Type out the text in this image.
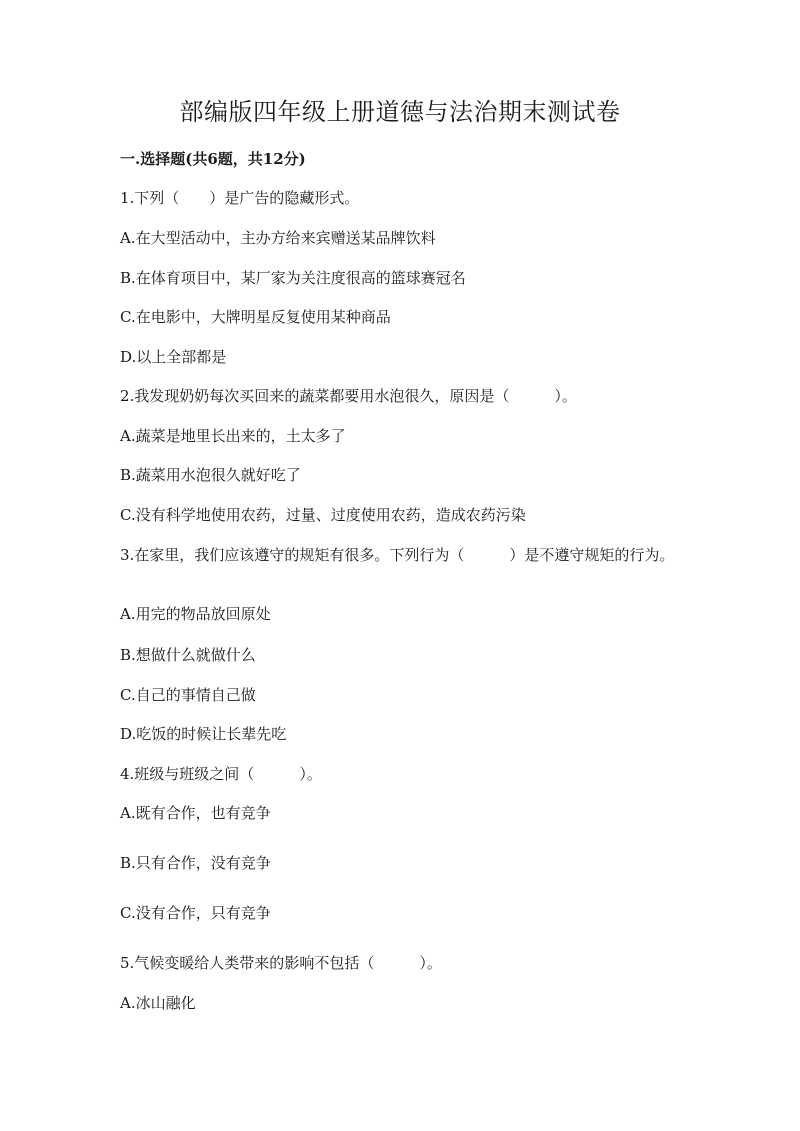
部编版四年级上册道德与法治期末测试卷
一.选择题(共6题，共12分)
1.下列（　　）是广告的隐藏形式。
A.在大型活动中，主办方给来宾赠送某品牌饮料
B.在体育项目中，某厂家为关注度很高的篮球赛冠名
C.在电影中，大牌明星反复使用某种商品
D.以上全部都是
2.我发现奶奶每次买回来的蔬菜都要用水泡很久，原因是（　　　）。
A.蔬菜是地里长出来的，土太多了
B.蔬菜用水泡很久就好吃了
C.没有科学地使用农药，过量、过度使用农药，造成农药污染
3.在家里，我们应该遵守的规矩有很多。下列行为（　　　）是不遵守规矩的行为。
A.用完的物品放回原处
B.想做什么就做什么
C.自己的事情自己做
D.吃饭的时候让长辈先吃
4.班级与班级之间（　　　）。
A.既有合作，也有竞争
B.只有合作，没有竞争
C.没有合作，只有竞争
5.气候变暖给人类带来的影响不包括（　　　）。
A.冰山融化
